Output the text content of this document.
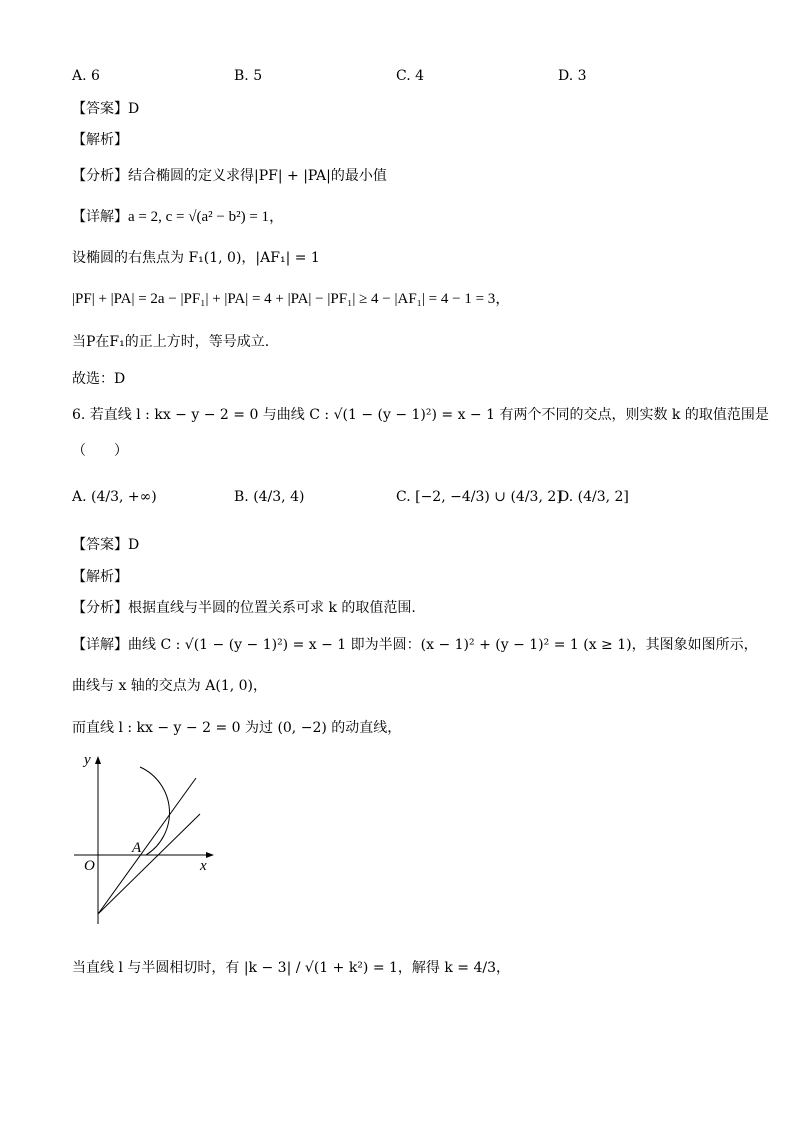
A. 6	B. 5	C. 4	D. 3
【答案】D
【解析】
【分析】结合椭圆的定义求得|PF| + |PA|的最小值
【详解】a = 2, c = √(a² − b²) = 1，
设椭圆的右焦点为 F₁(1, 0)，|AF₁| = 1
|PF| + |PA| = 2a − |PF₁| + |PA| = 4 + |PA| − |PF₁| ≥ 4 − |AF₁| = 4 − 1 = 3，
当P在F₁的正上方时，等号成立.
故选：D
6. 若直线 l : kx − y − 2 = 0 与曲线 C : √(1 − (y − 1)²) = x − 1 有两个不同的交点，则实数 k 的取值范围是
（　　）
A. (4/3, +∞)	B. (4/3, 4)	C. [−2, −4/3) ∪ (4/3, 2]
D. (4/3, 2]
【答案】D
【解析】
【分析】根据直线与半圆的位置关系可求 k 的取值范围.
【详解】曲线 C : √(1 − (y − 1)²) = x − 1 即为半圆：(x − 1)² + (y − 1)² = 1 (x ≥ 1)，其图象如图所示，
曲线与 x 轴的交点为 A(1, 0)，
而直线 l : kx − y − 2 = 0 为过 (0, −2) 的动直线，
y
x
O
A
当直线 l 与半圆相切时，有 |k − 3| / √(1 + k²) = 1，解得 k = 4/3，
